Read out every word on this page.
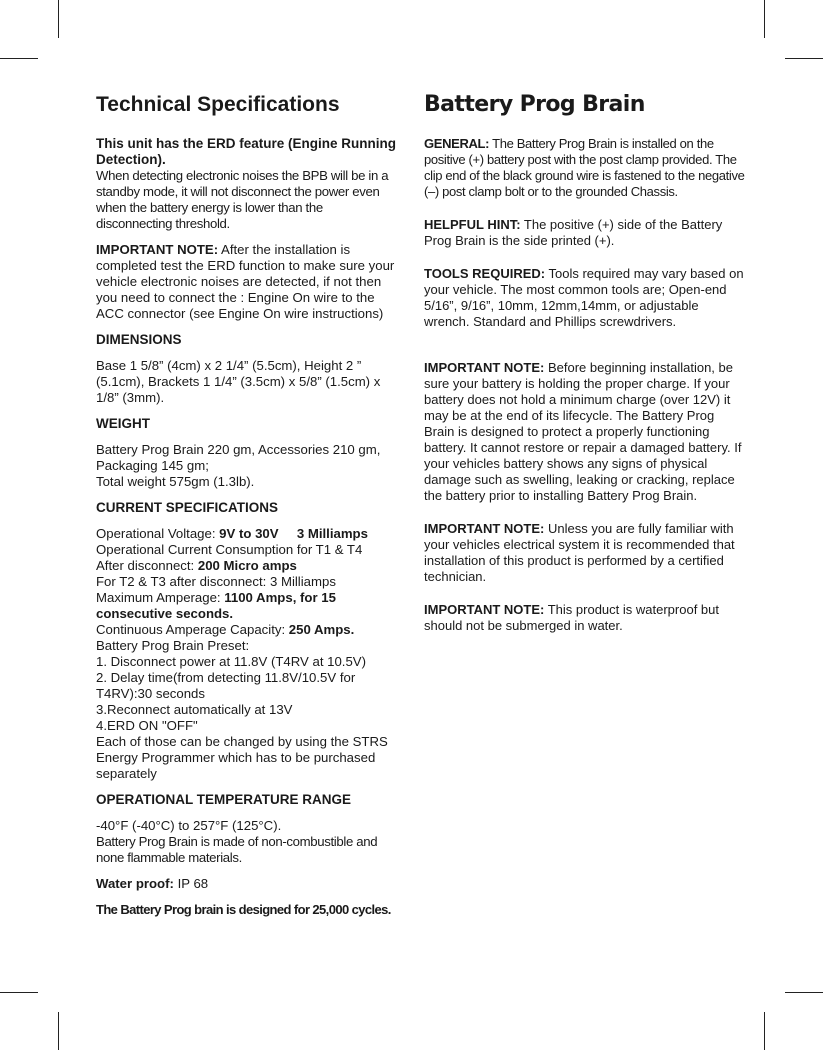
Technical Specifications

This unit has the ERD feature (Engine Running Detection).

When detecting electronic noises the BPB will be in a standby mode, it will not disconnect the power even when the battery energy is lower than the disconnecting threshold.

IMPORTANT NOTE: After the installation is completed test the ERD function to make sure your vehicle electronic noises are detected, if not then you need to connect the : Engine On wire to the ACC connector (see Engine On wire instructions)

DIMENSIONS

Base 1 5/8” (4cm) x 2 1/4” (5.5cm), Height 2 ” (5.1cm), Brackets 1 1/4” (3.5cm) x 5/8” (1.5cm) x 1/8” (3mm).

WEIGHT

Battery Prog Brain 220 gm, Accessories 210 gm,

Packaging 145 gm;

Total weight 575gm (1.3lb).

CURRENT SPECIFICATIONS

Operational Voltage: 9V to 30V     3 Milliamps

Operational Current Consumption for T1 & T4

After disconnect: 200 Micro amps

For T2 & T3 after disconnect: 3 Milliamps

Maximum Amperage: 1100 Amps, for 15 consecutive seconds.

Continuous Amperage Capacity: 250 Amps.

Battery Prog Brain Preset:

1. Disconnect power at 11.8V (T4RV at 10.5V)

2. Delay time(from detecting 11.8V/10.5V for T4RV):30 seconds

3.Reconnect automatically at 13V

4.ERD ON "OFF"

Each of those can be changed by using the STRS Energy Programmer which has to be purchased separately

OPERATIONAL TEMPERATURE RANGE

-40°F (-40°C) to 257°F (125°C).

Battery Prog Brain is made of non-combustible and none flammable materials.

Water proof: IP 68

The Battery Prog brain is designed for 25,000 cycles.

Battery Prog Brain

GENERAL: The Battery Prog Brain is installed on the positive (+) battery post with the post clamp provided. The clip end of the black ground wire is fastened to the negative (–) post clamp bolt or to the grounded Chassis.

HELPFUL HINT: The positive (+) side of the Battery Prog Brain is the side printed (+).

TOOLS REQUIRED: Tools required may vary based on your vehicle. The most common tools are; Open-end 5/16”, 9/16”, 10mm, 12mm,14mm, or adjustable wrench. Standard and Phillips screwdrivers.

IMPORTANT NOTE: Before beginning installation, be sure your battery is holding the proper charge. If your battery does not hold a minimum charge (over 12V) it may be at the end of its lifecycle. The Battery Prog Brain is designed to protect a properly functioning battery. It cannot restore or repair a damaged battery. If your vehicles battery shows any signs of physical damage such as swelling, leaking or cracking, replace the battery prior to installing Battery Prog Brain.

IMPORTANT NOTE: Unless you are fully familiar with your vehicles electrical system it is recommended that installation of this product is performed by a certified technician.

IMPORTANT NOTE: This product is waterproof but should not be submerged in water.
